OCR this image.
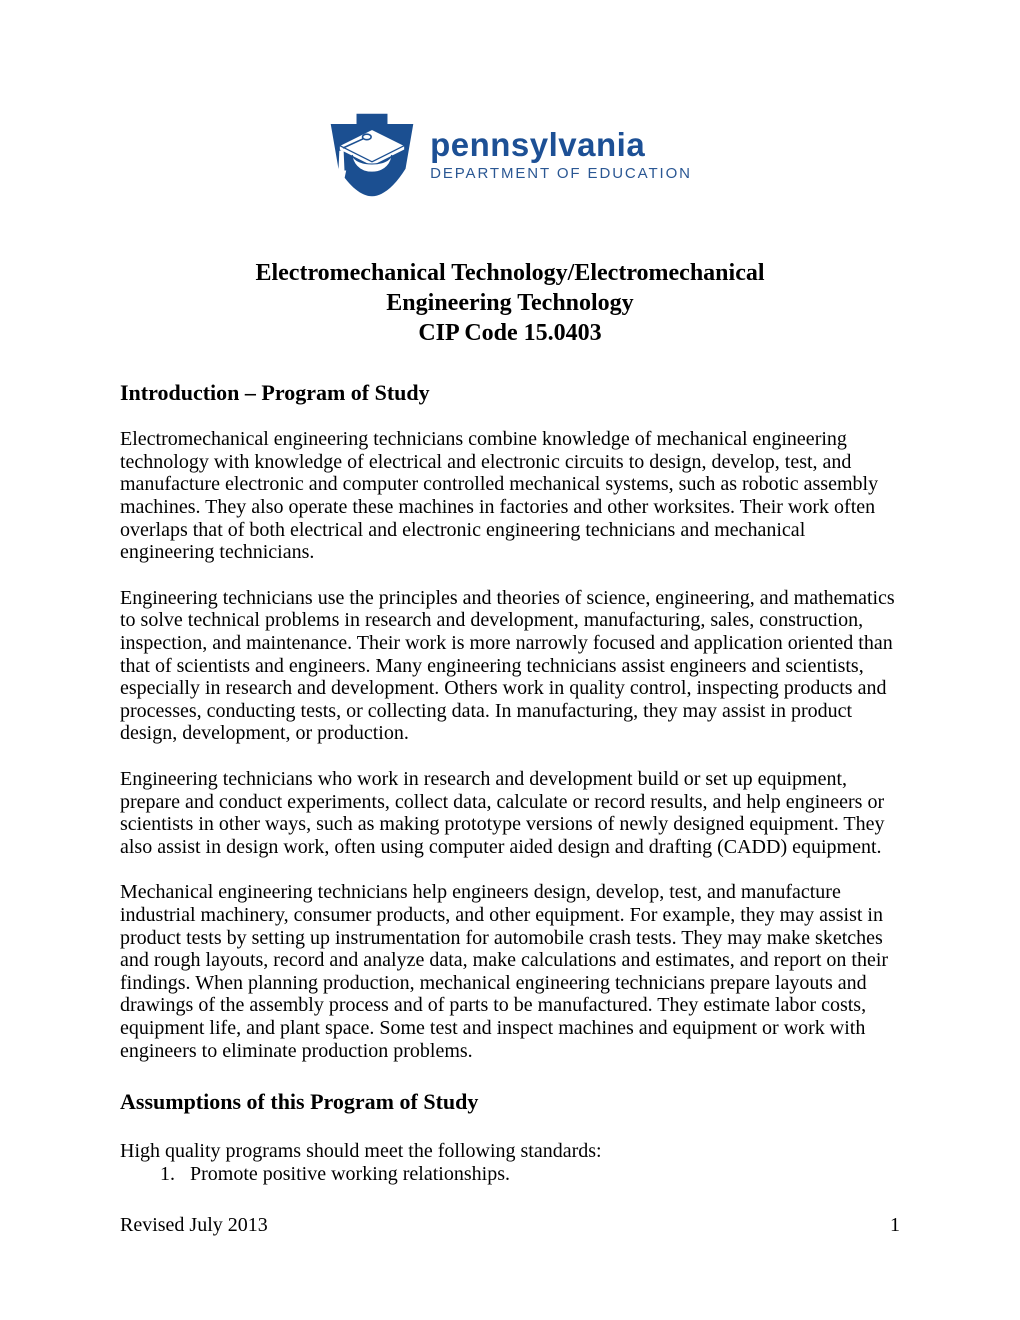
pennsylvania
DEPARTMENT OF EDUCATION
Electromechanical Technology/Electromechanical
Engineering Technology
CIP Code 15.0403
Introduction – Program of Study

Electromechanical engineering technicians combine knowledge of mechanical engineering technology with knowledge of electrical and electronic circuits to design, develop, test, and manufacture electronic and computer controlled mechanical systems, such as robotic assembly machines. They also operate these machines in factories and other worksites. Their work often overlaps that of both electrical and electronic engineering technicians and mechanical engineering technicians.

Engineering technicians use the principles and theories of science, engineering, and mathematics to solve technical problems in research and development, manufacturing, sales, construction, inspection, and maintenance. Their work is more narrowly focused and application oriented than that of scientists and engineers. Many engineering technicians assist engineers and scientists, especially in research and development. Others work in quality control, inspecting products and processes, conducting tests, or collecting data. In manufacturing, they may assist in product design, development, or production.

Engineering technicians who work in research and development build or set up equipment, prepare and conduct experiments, collect data, calculate or record results, and help engineers or scientists in other ways, such as making prototype versions of newly designed equipment. They also assist in design work, often using computer aided design and drafting (CADD) equipment.

Mechanical engineering technicians help engineers design, develop, test, and manufacture industrial machinery, consumer products, and other equipment. For example, they may assist in product tests by setting up instrumentation for automobile crash tests. They may make sketches and rough layouts, record and analyze data, make calculations and estimates, and report on their findings. When planning production, mechanical engineering technicians prepare layouts and drawings of the assembly process and of parts to be manufactured. They estimate labor costs, equipment life, and plant space. Some test and inspect machines and equipment or work with engineers to eliminate production problems.

Assumptions of this Program of Study

High quality programs should meet the following standards:

1. Promote positive working relationships.
Revised July 2013	1
